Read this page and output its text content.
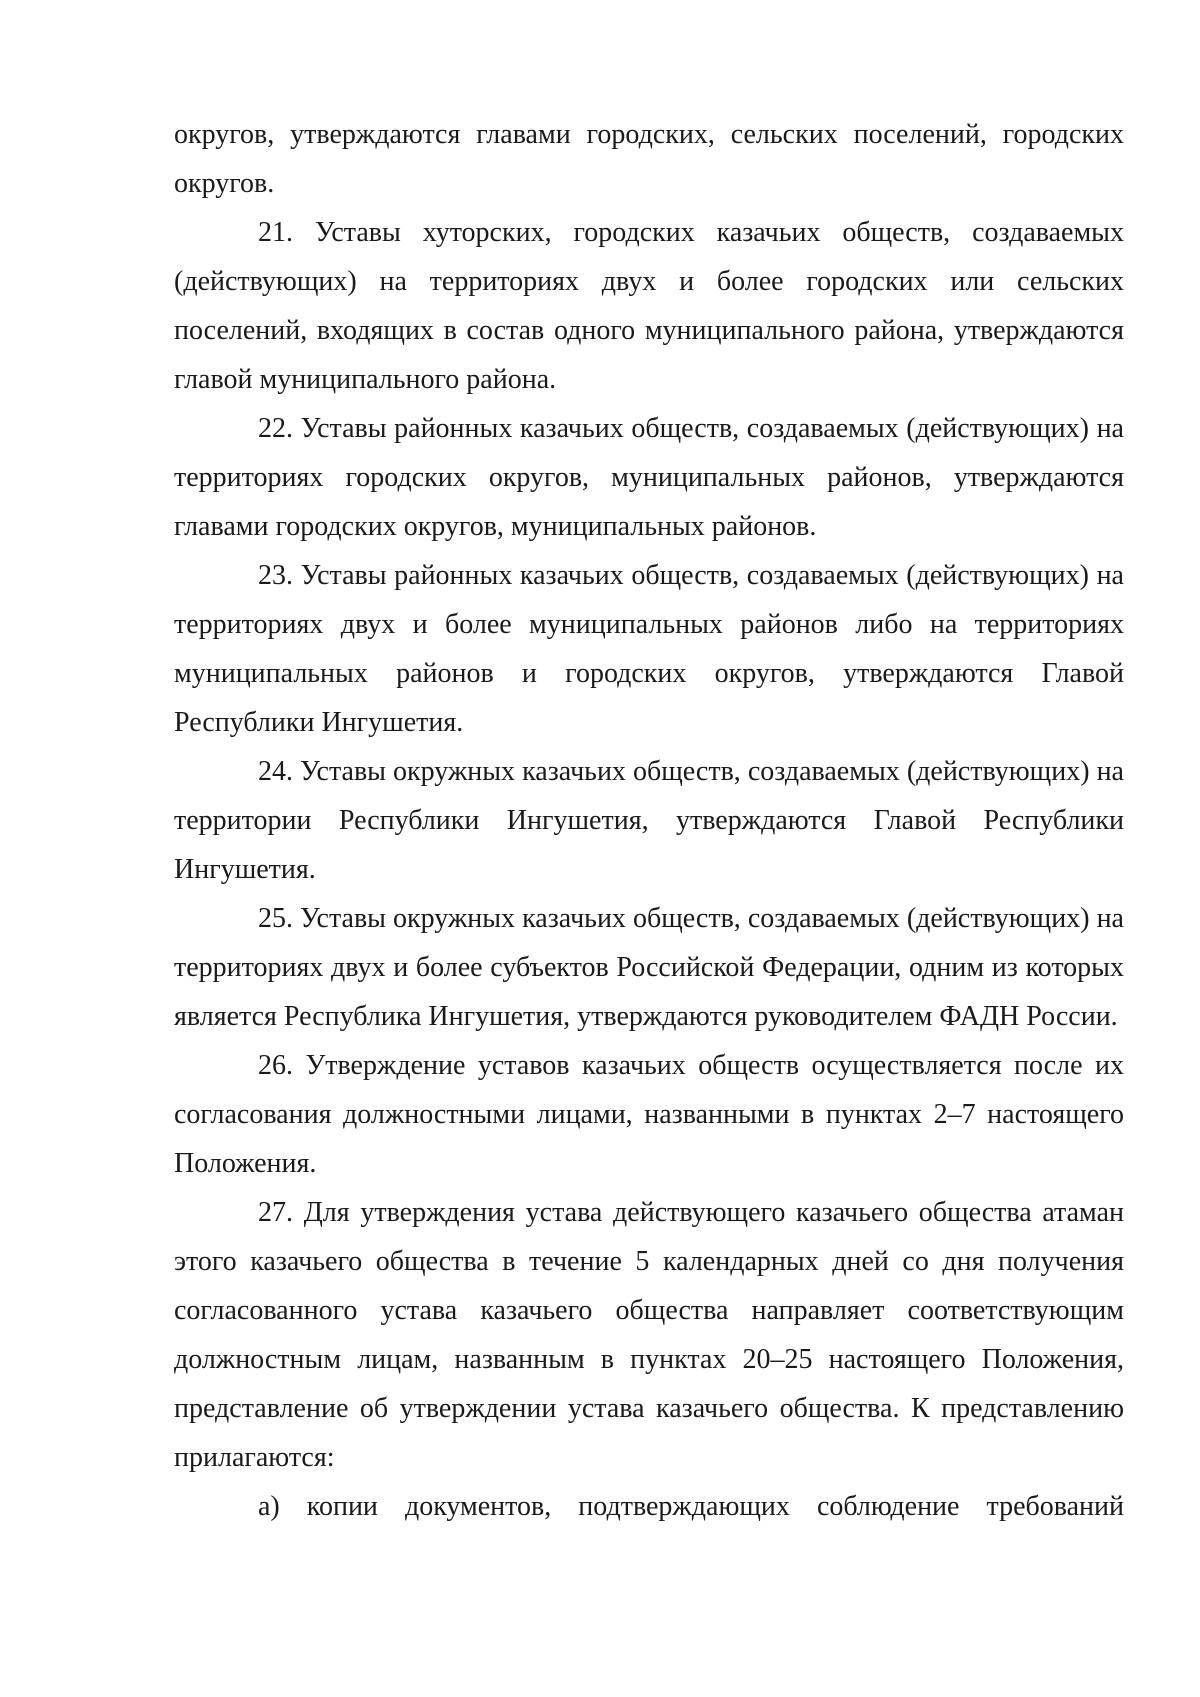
округов, утверждаются главами городских, сельских поселений, городских округов.

21. Уставы хуторских, городских казачьих обществ, создаваемых (действующих) на территориях двух и более городских или сельских поселений, входящих в состав одного муниципального района, утверждаются главой муниципального района.

22. Уставы районных казачьих обществ, создаваемых (действующих) на территориях городских округов, муниципальных районов, утверждаются главами городских округов, муниципальных районов.

23. Уставы районных казачьих обществ, создаваемых (действующих) на территориях двух и более муниципальных районов либо на территориях муниципальных районов и городских округов, утверждаются Главой Республики Ингушетия.

24. Уставы окружных казачьих обществ, создаваемых (действующих) на территории Республики Ингушетия, утверждаются Главой Республики Ингушетия.

25. Уставы окружных казачьих обществ, создаваемых (действующих) на территориях двух и более субъектов Российской Федерации, одним из которых является Республика Ингушетия, утверждаются руководителем ФАДН России.

26. Утверждение уставов казачьих обществ осуществляется после их согласования должностными лицами, названными в пунктах 2–7 настоящего Положения.

27. Для утверждения устава действующего казачьего общества атаман этого казачьего общества в течение 5 календарных дней со дня получения согласованного устава казачьего общества направляет соответствующим должностным лицам, названным в пунктах 20–25 настоящего Положения, представление об утверждении устава казачьего общества. К представлению прилагаются:

а) копии документов, подтверждающих соблюдение требований
